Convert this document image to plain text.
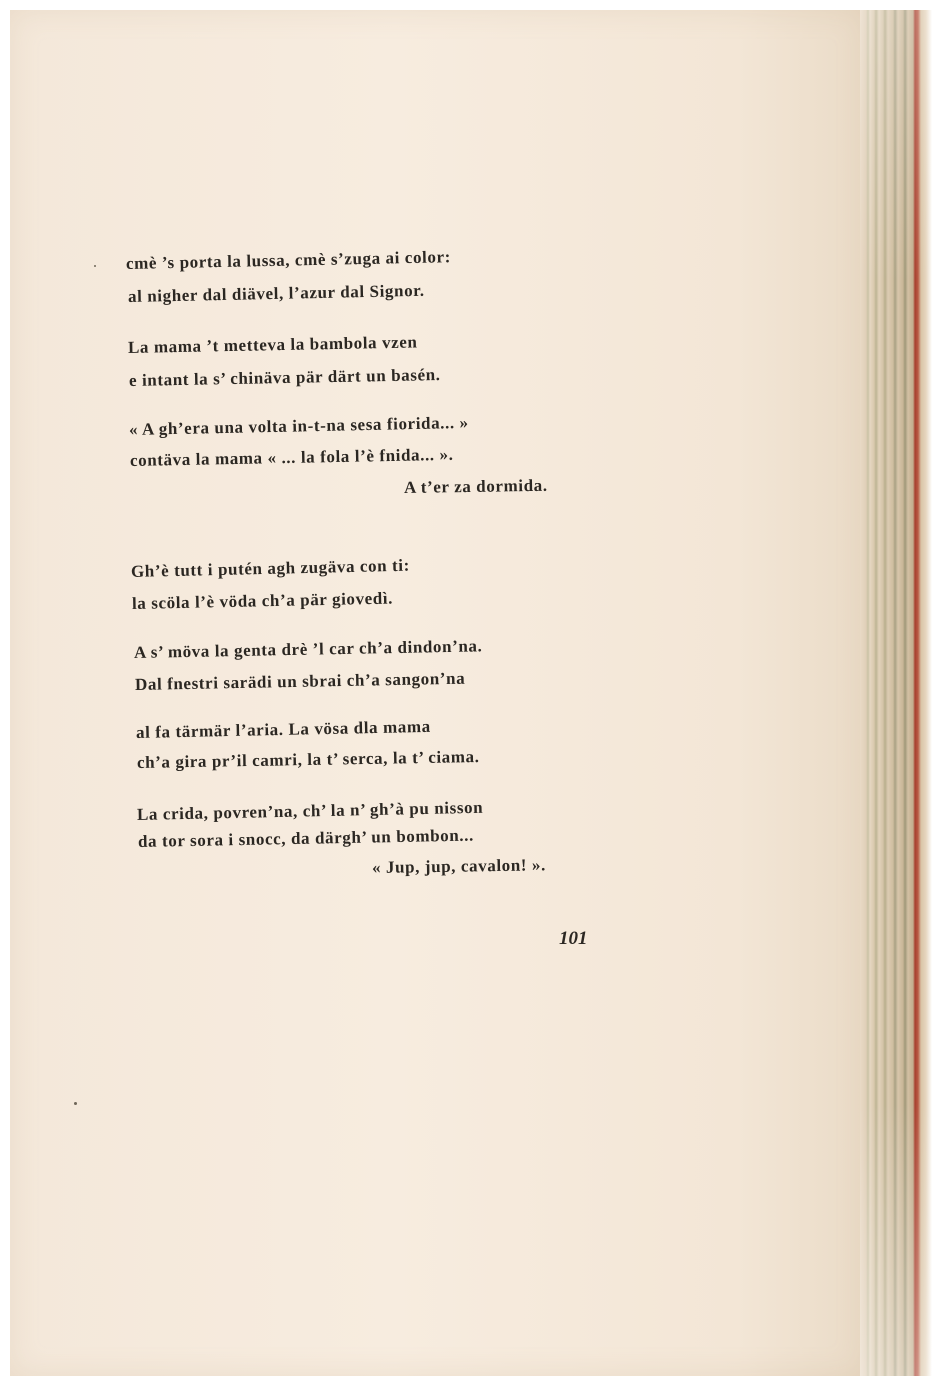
cmè ’s porta la lussa, cmè s’zuga ai color:

al nigher dal diävel, l’azur dal Signor.

La mama ’t metteva la bambola vzen

e intant la s’ chinäva pär därt un basén.

« A gh’era una volta in-t-na sesa fiorida... »

contäva la mama « ... la fola l’è fnida... ».

A t’er za dormida.

Gh’è tutt i putén agh zugäva con ti:

la scöla l’è vöda ch’a pär giovedì.

A s’ möva la genta drè ’l car ch’a dindon’na.

Dal fnestri sarädi un sbrai ch’a sangon’na

al fa tärmär l’aria. La vösa dla mama

ch’a gira pr’il camri, la t’ serca, la t’ ciama.

La crida, povren’na, ch’ la n’ gh’à pu nisson

da tor sora i snocc, da därgh’ un bombon...

« Jup, jup, cavalon! ».

101
